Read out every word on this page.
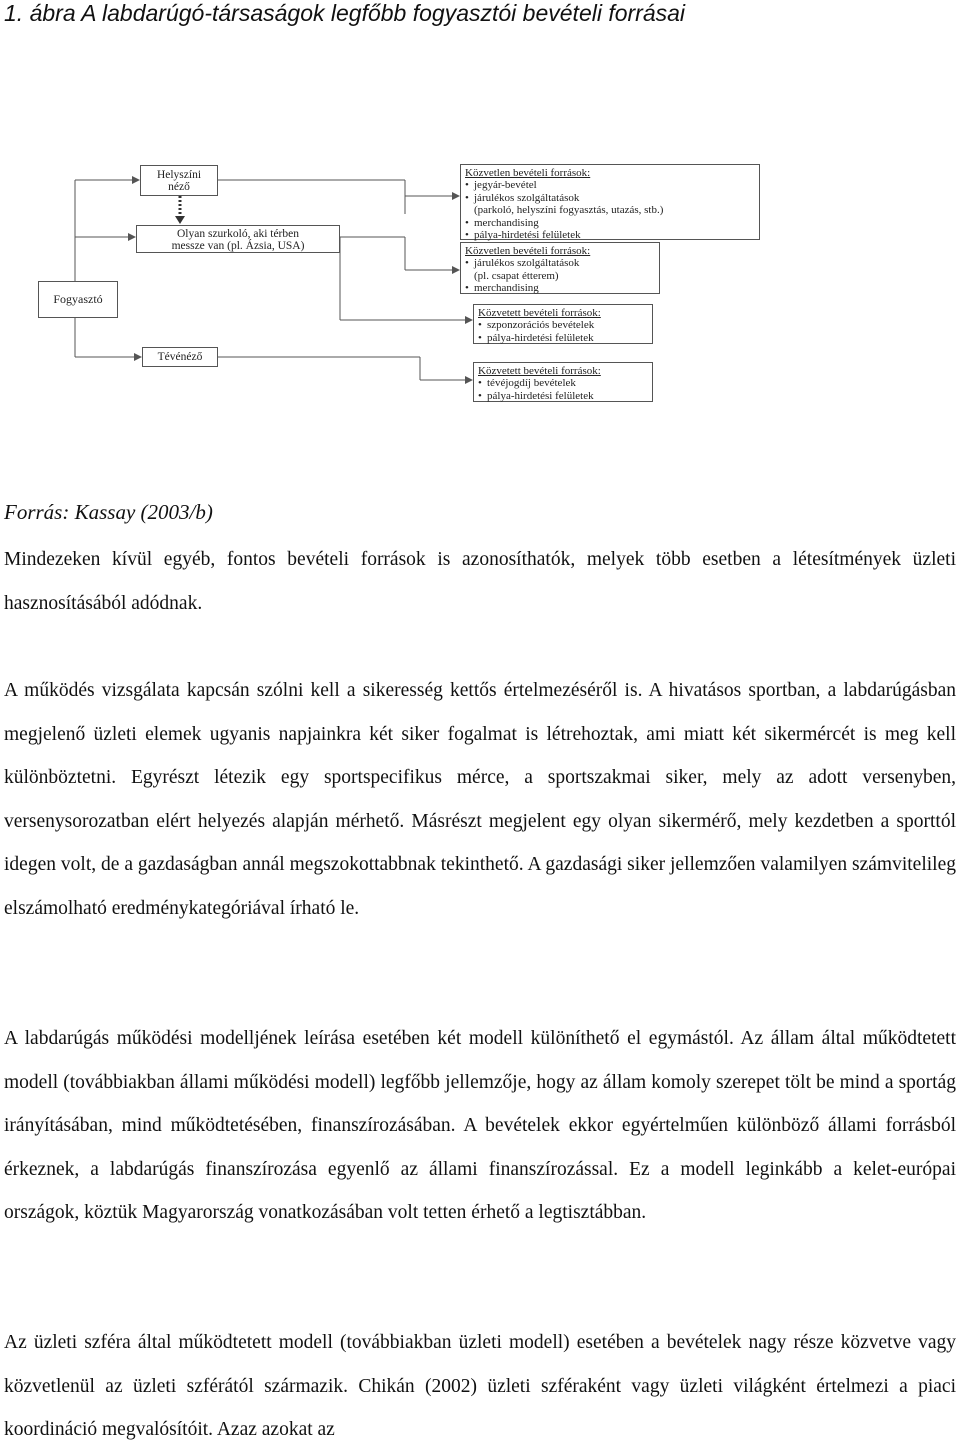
1. ábra A labdarúgó-társaságok legfőbb fogyasztói bevételi forrásai
Fogyasztó
Helyszíni
néző
Olyan szurkoló, aki térben
messze van (pl. Ázsia, USA)
Tévénéző
Közvetlen bevételi források:
• jegyár-bevétel
• járulékos szolgáltatások
(parkoló, helyszíni fogyasztás, utazás, stb.)
• merchandising
• pálya-hirdetési felületek
Közvetlen bevételi források:
• járulékos szolgáltatások
(pl. csapat étterem)
• merchandising
Közvetett bevételi források:
• szponzorációs bevételek
• pálya-hirdetési felületek
Közvetett bevételi források:
• tévéjogdíj bevételek
• pálya-hirdetési felületek
Forrás: Kassay (2003/b)

Mindezeken kívül egyéb, fontos bevételi források is azonosíthatók, melyek több esetben a létesítmények üzleti hasznosításából adódnak.

A működés vizsgálata kapcsán szólni kell a sikeresség kettős értelmezéséről is. A hivatásos sportban, a labdarúgásban megjelenő üzleti elemek ugyanis napjainkra két siker fogalmat is létrehoztak, ami miatt két sikermércét is meg kell különböztetni. Egyrészt létezik egy sportspecifikus mérce, a sportszakmai siker, mely az adott versenyben, versenysorozatban elért helyezés alapján mérhető. Másrészt megjelent egy olyan sikermérő, mely kezdetben a sporttól idegen volt, de a gazdaságban annál megszokottabbnak tekinthető. A gazdasági siker jellemzően valamilyen számvitelileg elszámolható eredménykategóriával írható le.

A labdarúgás működési modelljének leírása esetében két modell különíthető el egymástól. Az állam által működtetett modell (továbbiakban állami működési modell) legfőbb jellemzője, hogy az állam komoly szerepet tölt be mind a sportág irányításában, mind működtetésében, finanszírozásában. A bevételek ekkor egyértelműen különböző állami forrásból érkeznek, a labdarúgás finanszírozása egyenlő az állami finanszírozással. Ez a modell leginkább a kelet-európai országok, köztük Magyarország vonatkozásában volt tetten érhető a legtisztábban.

Az üzleti szféra által működtetett modell (továbbiakban üzleti modell) esetében a bevételek nagy része közvetve vagy közvetlenül az üzleti szférától származik. Chikán (2002) üzleti szféraként vagy üzleti világként értelmezi a piaci koordináció megvalósítóit. Azaz azokat az
